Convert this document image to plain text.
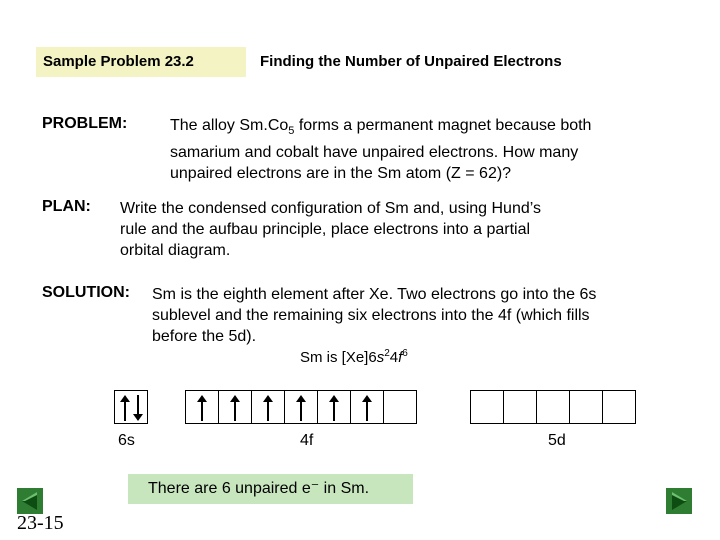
Sample Problem 23.2	Finding the Number of Unpaired Electrons
PROBLEM:	The alloy $Sm.Co_5$ forms a permanent magnet because both
samarium and cobalt have unpaired electrons. How many
unpaired electrons are in the Sm atom (Z = 62)?
PLAN: Write the condensed configuration of Sm and, using Hund’s
rule and the aufbau principle, place electrons into a partial
orbital diagram.
SOLUTION: Sm is the eighth element after Xe. Two electrons go into the 6s
sublevel and the remaining six electrons into the 4f (which fills
before the 5d).
Sm is $[Xe]6s^24f^6$
6s	4f	5d
There are 6 unpaired e⁻ in Sm.
23-15
